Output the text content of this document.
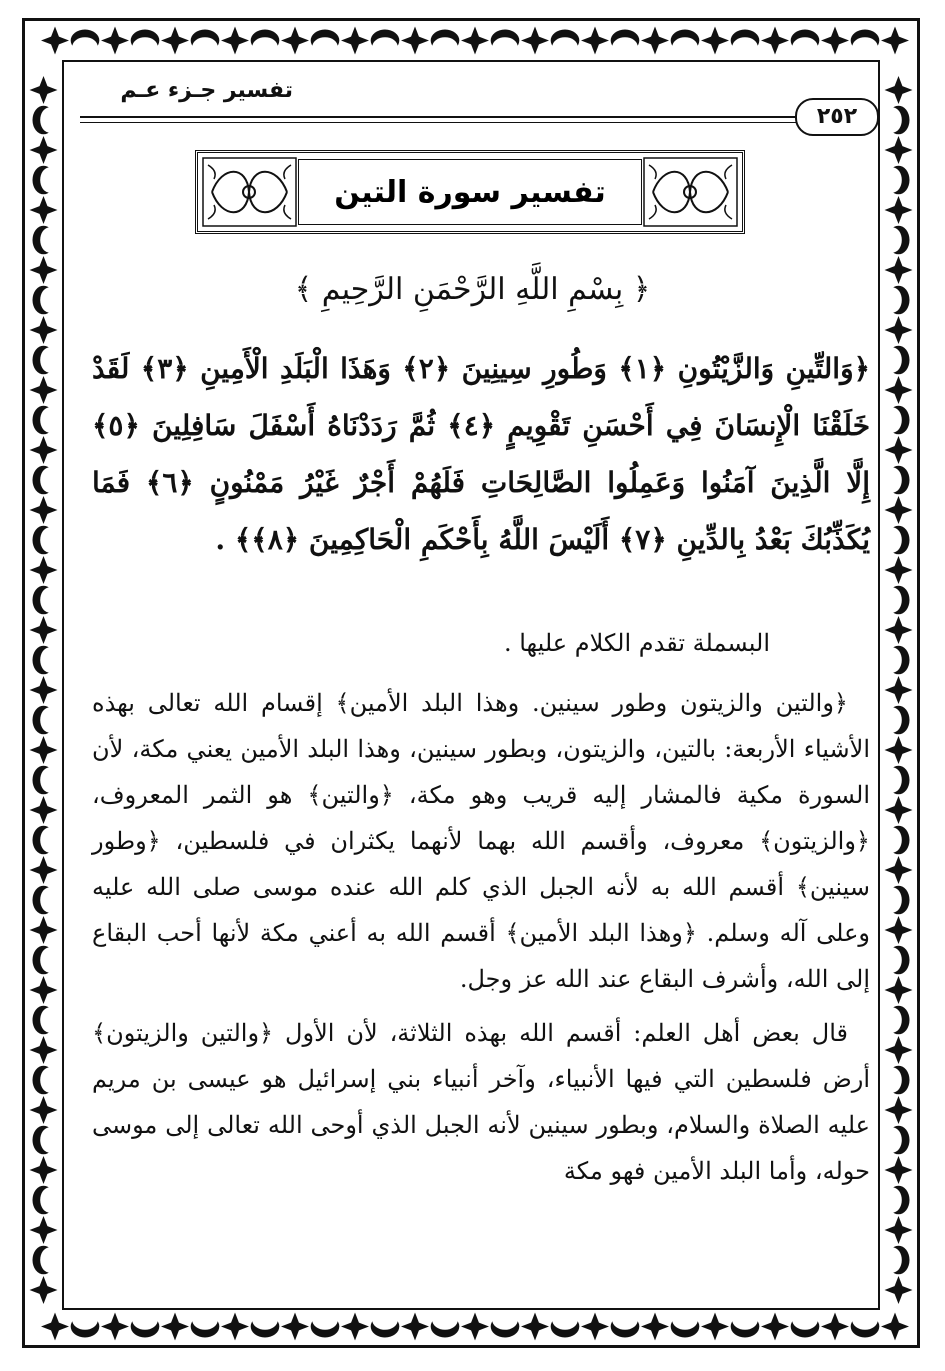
تفسير جـزء عـم
٢٥٢
تفسير سورة التين
﴿ بِسْمِ اللَّهِ الرَّحْمَنِ الرَّحِيمِ ﴾
﴿وَالتِّينِ وَالزَّيْتُونِ ﴿١﴾ وَطُورِ سِينِينَ ﴿٢﴾ وَهَذَا الْبَلَدِ الْأَمِينِ ﴿٣﴾ لَقَدْ خَلَقْنَا الْإِنسَانَ فِي أَحْسَنِ تَقْوِيمٍ ﴿٤﴾ ثُمَّ رَدَدْنَاهُ أَسْفَلَ سَافِلِينَ ﴿٥﴾ إِلَّا الَّذِينَ آمَنُوا وَعَمِلُوا الصَّالِحَاتِ فَلَهُمْ أَجْرٌ غَيْرُ مَمْنُونٍ ﴿٦﴾ فَمَا يُكَذِّبُكَ بَعْدُ بِالدِّينِ ﴿٧﴾ أَلَيْسَ اللَّهُ بِأَحْكَمِ الْحَاكِمِينَ ﴿٨﴾﴾ .

البسملة تقدم الكلام عليها .

﴿والتين والزيتون وطور سينين. وهذا البلد الأمين﴾ إقسام الله تعالى بهذه الأشياء الأربعة: بالتين، والزيتون، وبطور سينين، وهذا البلد الأمين يعني مكة، لأن السورة مكية فالمشار إليه قريب وهو مكة، ﴿والتين﴾ هو الثمر المعروف، ﴿والزيتون﴾ معروف، وأقسم الله بهما لأنهما يكثران في فلسطين، ﴿وطور سينين﴾ أقسم الله به لأنه الجبل الذي كلم الله عنده موسى صلى الله عليه وعلى آله وسلم. ﴿وهذا البلد الأمين﴾ أقسم الله به أعني مكة لأنها أحب البقاع إلى الله، وأشرف البقاع عند الله عز وجل.

قال بعض أهل العلم: أقسم الله بهذه الثلاثة، لأن الأول ﴿والتين والزيتون﴾ أرض فلسطين التي فيها الأنبياء، وآخر أنبياء بني إسرائيل هو عيسى بن مريم عليه الصلاة والسلام، وبطور سينين لأنه الجبل الذي أوحى الله تعالى إلى موسى حوله، وأما البلد الأمين فهو مكة
